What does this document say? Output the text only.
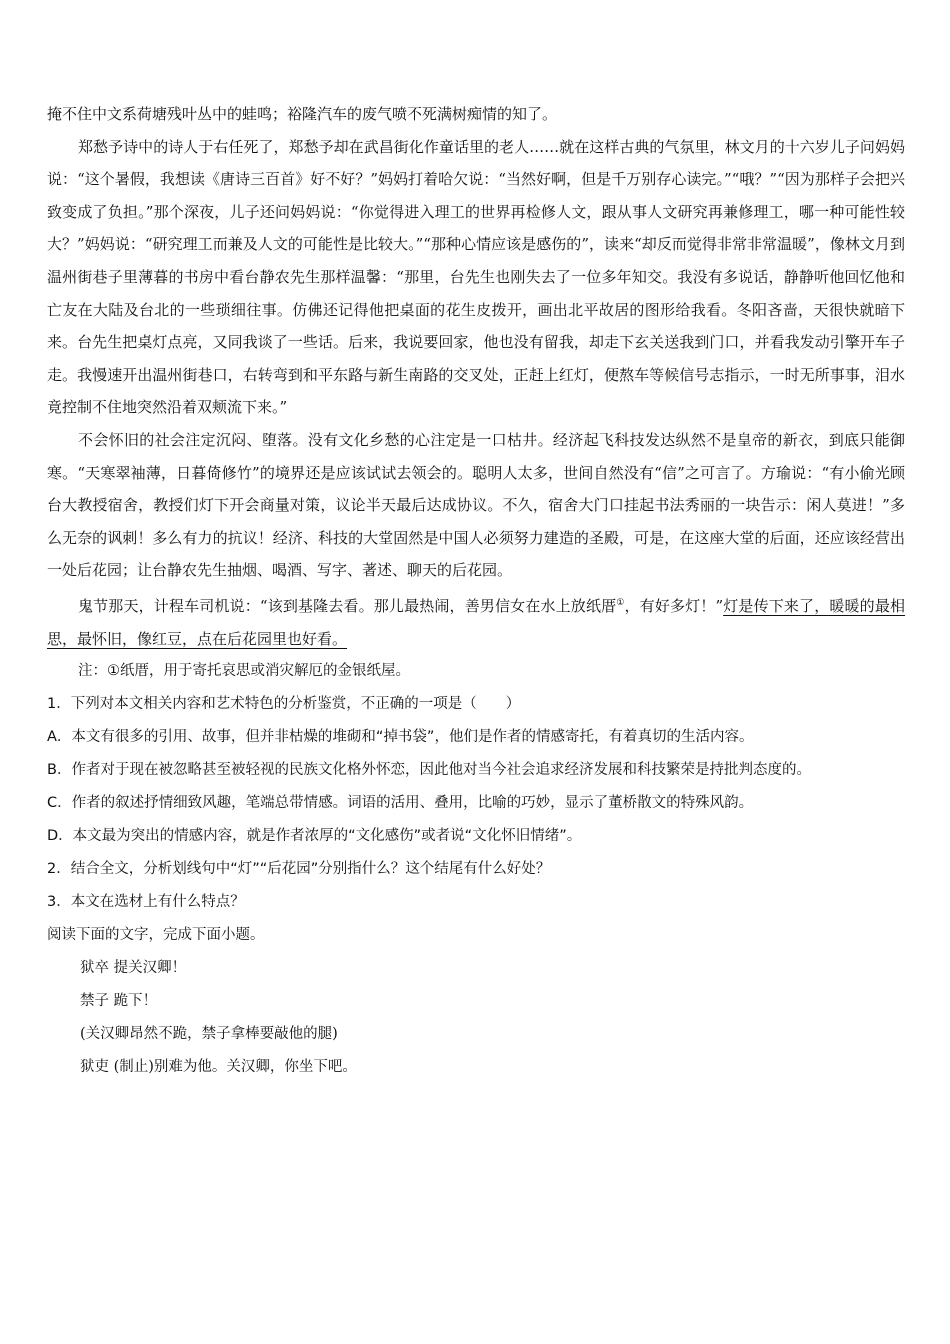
掩不住中文系荷塘残叶丛中的蛙鸣；裕隆汽车的废气喷不死满树痴情的知了。

郑愁予诗中的诗人于右任死了，郑愁予却在武昌街化作童话里的老人……就在这样古典的气氛里，林文月的十六岁儿子问妈妈说：“这个暑假，我想读《唐诗三百首》好不好？”妈妈打着哈欠说：“当然好啊，但是千万别存心读完。”“哦？”“因为那样子会把兴致变成了负担。”那个深夜，儿子还问妈妈说：“你觉得进入理工的世界再检修人文，跟从事人文研究再兼修理工，哪一种可能性较大？”妈妈说：“研究理工而兼及人文的可能性是比较大。”“那种心情应该是感伤的”，读来“却反而觉得非常非常温暖”，像林文月到温州街巷子里薄暮的书房中看台静农先生那样温馨：“那里，台先生也刚失去了一位多年知交。我没有多说话，静静听他回忆他和亡友在大陆及台北的一些琐细往事。仿佛还记得他把桌面的花生皮拨开，画出北平故居的图形给我看。冬阳吝啬，天很快就暗下来。台先生把桌灯点亮，又同我谈了一些话。后来，我说要回家，他也没有留我，却走下玄关送我到门口，并看我发动引擎开车子走。我慢速开出温州街巷口，右转弯到和平东路与新生南路的交叉处，正赶上红灯，便熬车等候信号志指示，一时无所事事，泪水竟控制不住地突然沿着双颊流下来。”

不会怀旧的社会注定沉闷、堕落。没有文化乡愁的心注定是一口枯井。经济起飞科技发达纵然不是皇帝的新衣，到底只能御寒。“天寒翠袖薄，日暮倚修竹”的境界还是应该试试去领会的。聪明人太多，世间自然没有“信”之可言了。方瑜说：“有小偷光顾台大教授宿舍，教授们灯下开会商量对策，议论半天最后达成协议。不久，宿舍大门口挂起书法秀丽的一块告示：闲人莫进！”多么无奈的讽刺！多么有力的抗议！经济、科技的大堂固然是中国人必须努力建造的圣殿，可是，在这座大堂的后面，还应该经营出一处后花园；让台静农先生抽烟、喝酒、写字、著述、聊天的后花园。

鬼节那天，计程车司机说：“该到基隆去看。那儿最热闹，善男信女在水上放纸厝①，有好多灯！”灯是传下来了，暖暖的最相思，最怀旧，像红豆，点在后花园里也好看。

注：①纸厝，用于寄托哀思或消灾解厄的金银纸屋。

1．下列对本文相关内容和艺术特色的分析鉴赏，不正确的一项是（　　）

A．本文有很多的引用、故事，但并非枯燥的堆砌和“掉书袋”，他们是作者的情感寄托，有着真切的生活内容。

B．作者对于现在被忽略甚至被轻视的民族文化格外怀恋，因此他对当今社会追求经济发展和科技繁荣是持批判态度的。

C．作者的叙述抒情细致风趣，笔端总带情感。词语的活用、叠用，比喻的巧妙，显示了董桥散文的特殊风韵。

D．本文最为突出的情感内容，就是作者浓厚的“文化感伤”或者说“文化怀旧情绪”。

2．结合全文，分析划线句中“灯”“后花园”分别指什么？这个结尾有什么好处？

3．本文在选材上有什么特点？

阅读下面的文字，完成下面小题。

狱卒 提关汉卿！

禁子 跪下！

(关汉卿昂然不跪，禁子拿棒要敲他的腿)

狱吏 (制止)别难为他。关汉卿，你坐下吧。
